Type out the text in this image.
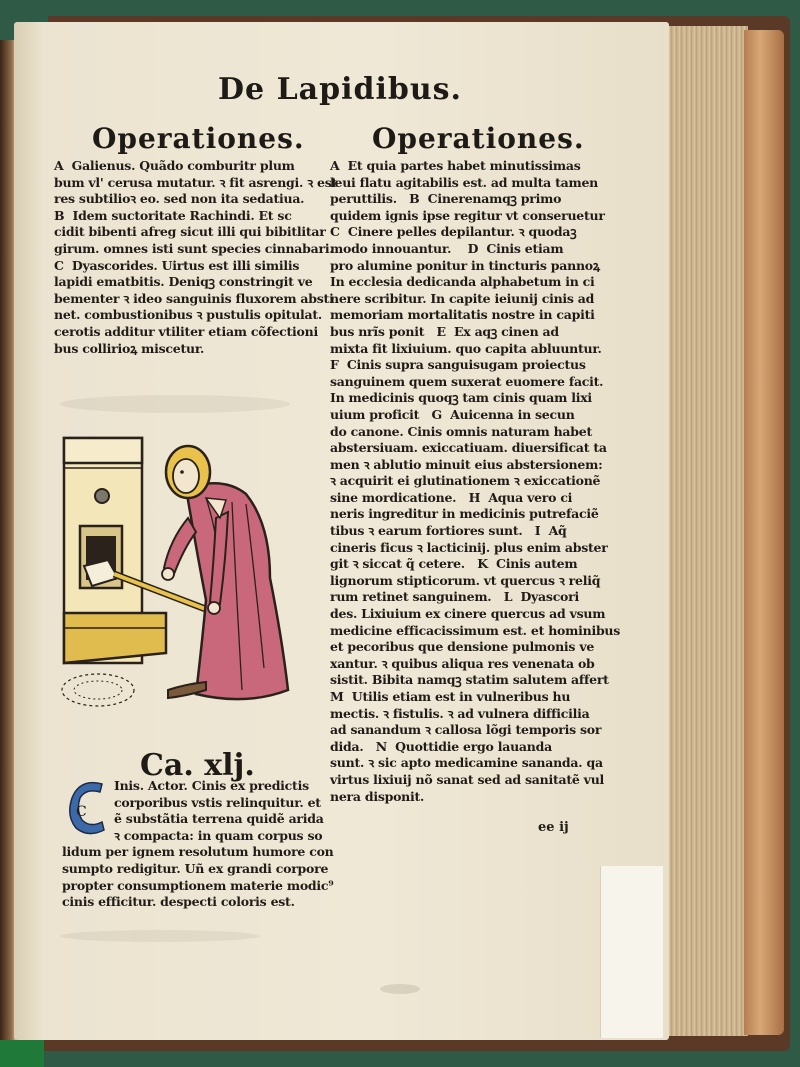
De Lapidibus.
Operationes. Operationes.
A  Galienus. Quãdo comburitr plum
bum vl' cerusa mutatur. ꝛ fit asrengi. ꝛ est
res subtilioꝛ eo. sed non ita sedatiua.
B  Idem suctoritate Rachindi. Et sc
cidit bibenti afreg sicut illi qui bibitlitar
girum. omnes isti sunt species cinnabari.
C  Dyascorides. Uirtus est illi similis
lapidi ematbitis. Deniqꝫ constringit ve
bementer ꝛ ideo sanguinis fluxorem absti
net. combustionibus ꝛ pustulis opitulat.
cerotis additur vtiliter etiam cõfectioni
bus collirioꝝ miscetur.
A  Et quia partes habet minutissimas
leui flatu agitabilis est. ad multa tamen
peruttilis.   B  Cinerenamqꝫ primo
quidem ignis ipse regitur vt conseruetur
C  Cinere pelles depilantur. ꝛ quodaꝫ
modo innouantur.    D  Cinis etiam
pro alumine ponitur in tincturis pannoꝝ
In ecclesia dedicanda alphabetum in ci
nere scribitur. In capite ieiunij cinis ad
memoriam mortalitatis nostre in capiti
bus nrĩs ponit   E  Ex aqꝫ cinen ad
mixta fit lixiuium. quo capita abluuntur.
F  Cinis supra sanguisugam proiectus
sanguinem quem suxerat euomere facit.
In medicinis quoqꝫ tam cinis quam lixi
uium proficit   G  Auicenna in secun
do canone. Cinis omnis naturam habet
abstersiuam. exiccatiuam. diuersificat ta
men ꝛ ablutio minuit eius abstersionem:
ꝛ acquirit ei glutinationem ꝛ exiccationẽ
sine mordicatione.   H  Aqua vero ci
neris ingreditur in medicinis putrefaciẽ
tibus ꝛ earum fortiores sunt.   I  Aq̃
cineris ficus ꝛ lacticinij. plus enim abster
git ꝛ siccat q̃ cetere.   K  Cinis autem
lignorum stipticorum. vt quercus ꝛ reliq̃
rum retinet sanguinem.   L  Dyascori
des. Lixiuium ex cinere quercus ad vsum
medicine efficacissimum est. et hominibus
et pecoribus que densione pulmonis ve
xantur. ꝛ quibus aliqua res venenata ob
sistit. Bibita namqꝫ statim salutem affert
M  Utilis etiam est in vulneribus hu
mectis. ꝛ fistulis. ꝛ ad vulnera difficilia
ad sanandum ꝛ callosa lõgi temporis sor
dida.   N  Quottidie ergo lauanda
sunt. ꝛ sic apto medicamine sananda. qa
virtus lixiuij nõ sanat sed ad sanitatẽ vul
nera disponit.
Ca. xlj.
C
Inis. Actor. Cinis ex predictis
corporibus vstis relinquitur. et
ẽ substãtia terrena quidẽ arida
ꝛ compacta: in quam corpus so
lidum per ignem resolutum humore con
sumpto redigitur. Uñ ex grandi corpore
propter consumptionem materie modic⁹
cinis efficitur. despecti coloris est.
ee ij
